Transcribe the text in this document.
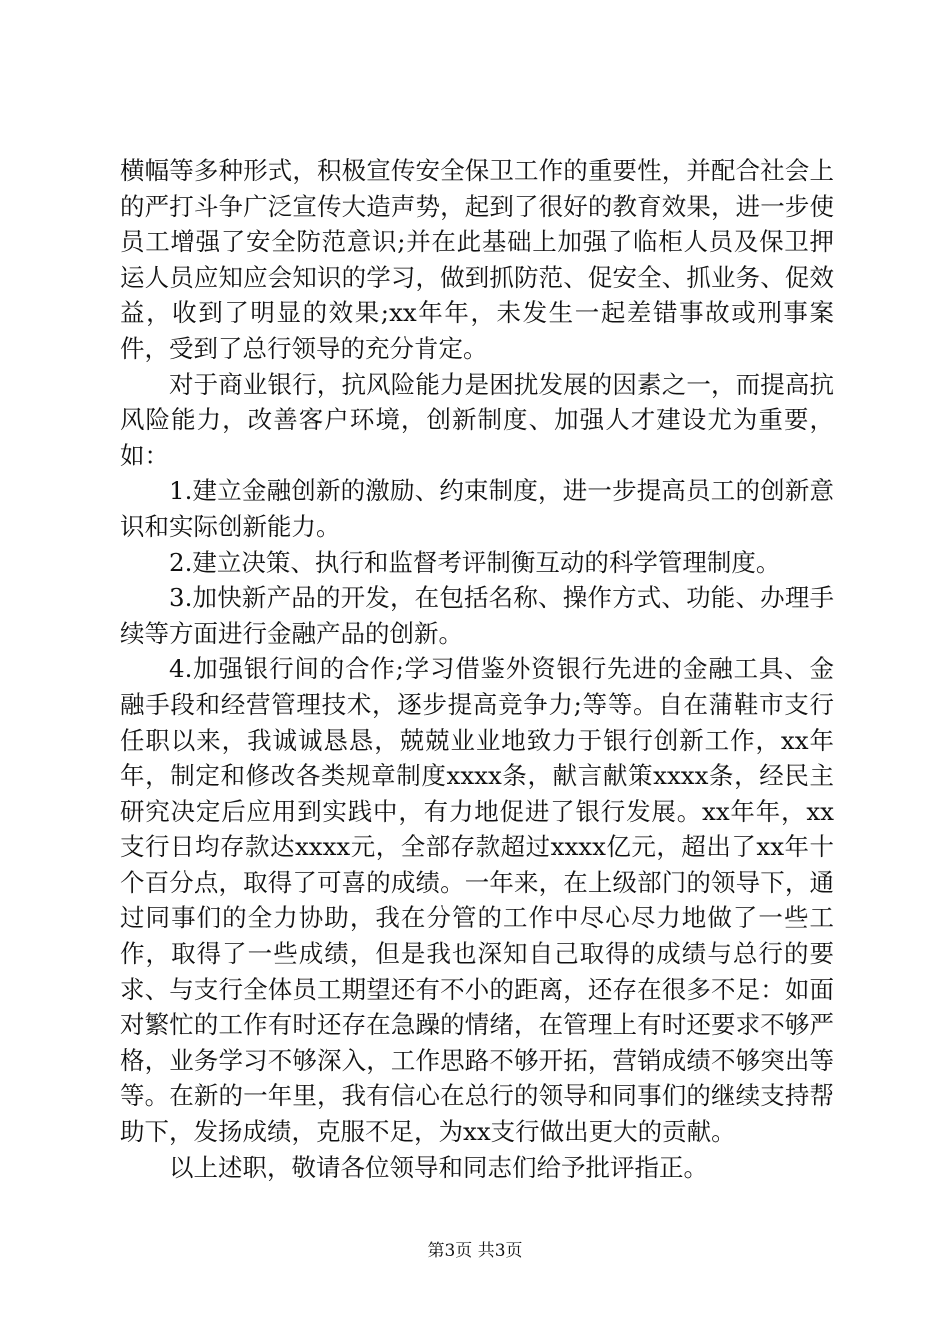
横幅等多种形式，积极宣传安全保卫工作的重要性，并配合社会上的严打斗争广泛宣传大造声势，起到了很好的教育效果，进一步使员工增强了安全防范意识;并在此基础上加强了临柜人员及保卫押运人员应知应会知识的学习，做到抓防范、促安全、抓业务、促效益，收到了明显的效果;xx年年，未发生一起差错事故或刑事案件，受到了总行领导的充分肯定。

对于商业银行，抗风险能力是困扰发展的因素之一，而提高抗风险能力，改善客户环境，创新制度、加强人才建设尤为重要，如：

1.建立金融创新的激励、约束制度，进一步提高员工的创新意识和实际创新能力。

2.建立决策、执行和监督考评制衡互动的科学管理制度。

3.加快新产品的开发，在包括名称、操作方式、功能、办理手续等方面进行金融产品的创新。

4.加强银行间的合作;学习借鉴外资银行先进的金融工具、金融手段和经营管理技术，逐步提高竞争力;等等。自在蒲鞋市支行任职以来，我诚诚恳恳，兢兢业业地致力于银行创新工作，xx年年，制定和修改各类规章制度xxxx条，献言献策xxxx条，经民主研究决定后应用到实践中，有力地促进了银行发展。xx年年，xx支行日均存款达xxxx元，全部存款超过xxxx亿元，超出了xx年十个百分点，取得了可喜的成绩。一年来，在上级部门的领导下，通过同事们的全力协助，我在分管的工作中尽心尽力地做了一些工作，取得了一些成绩，但是我也深知自己取得的成绩与总行的要求、与支行全体员工期望还有不小的距离，还存在很多不足：如面对繁忙的工作有时还存在急躁的情绪，在管理上有时还要求不够严格，业务学习不够深入，工作思路不够开拓，营销成绩不够突出等等。在新的一年里，我有信心在总行的领导和同事们的继续支持帮助下，发扬成绩，克服不足，为xx支行做出更大的贡献。

以上述职，敬请各位领导和同志们给予批评指正。

第3页 共3页
